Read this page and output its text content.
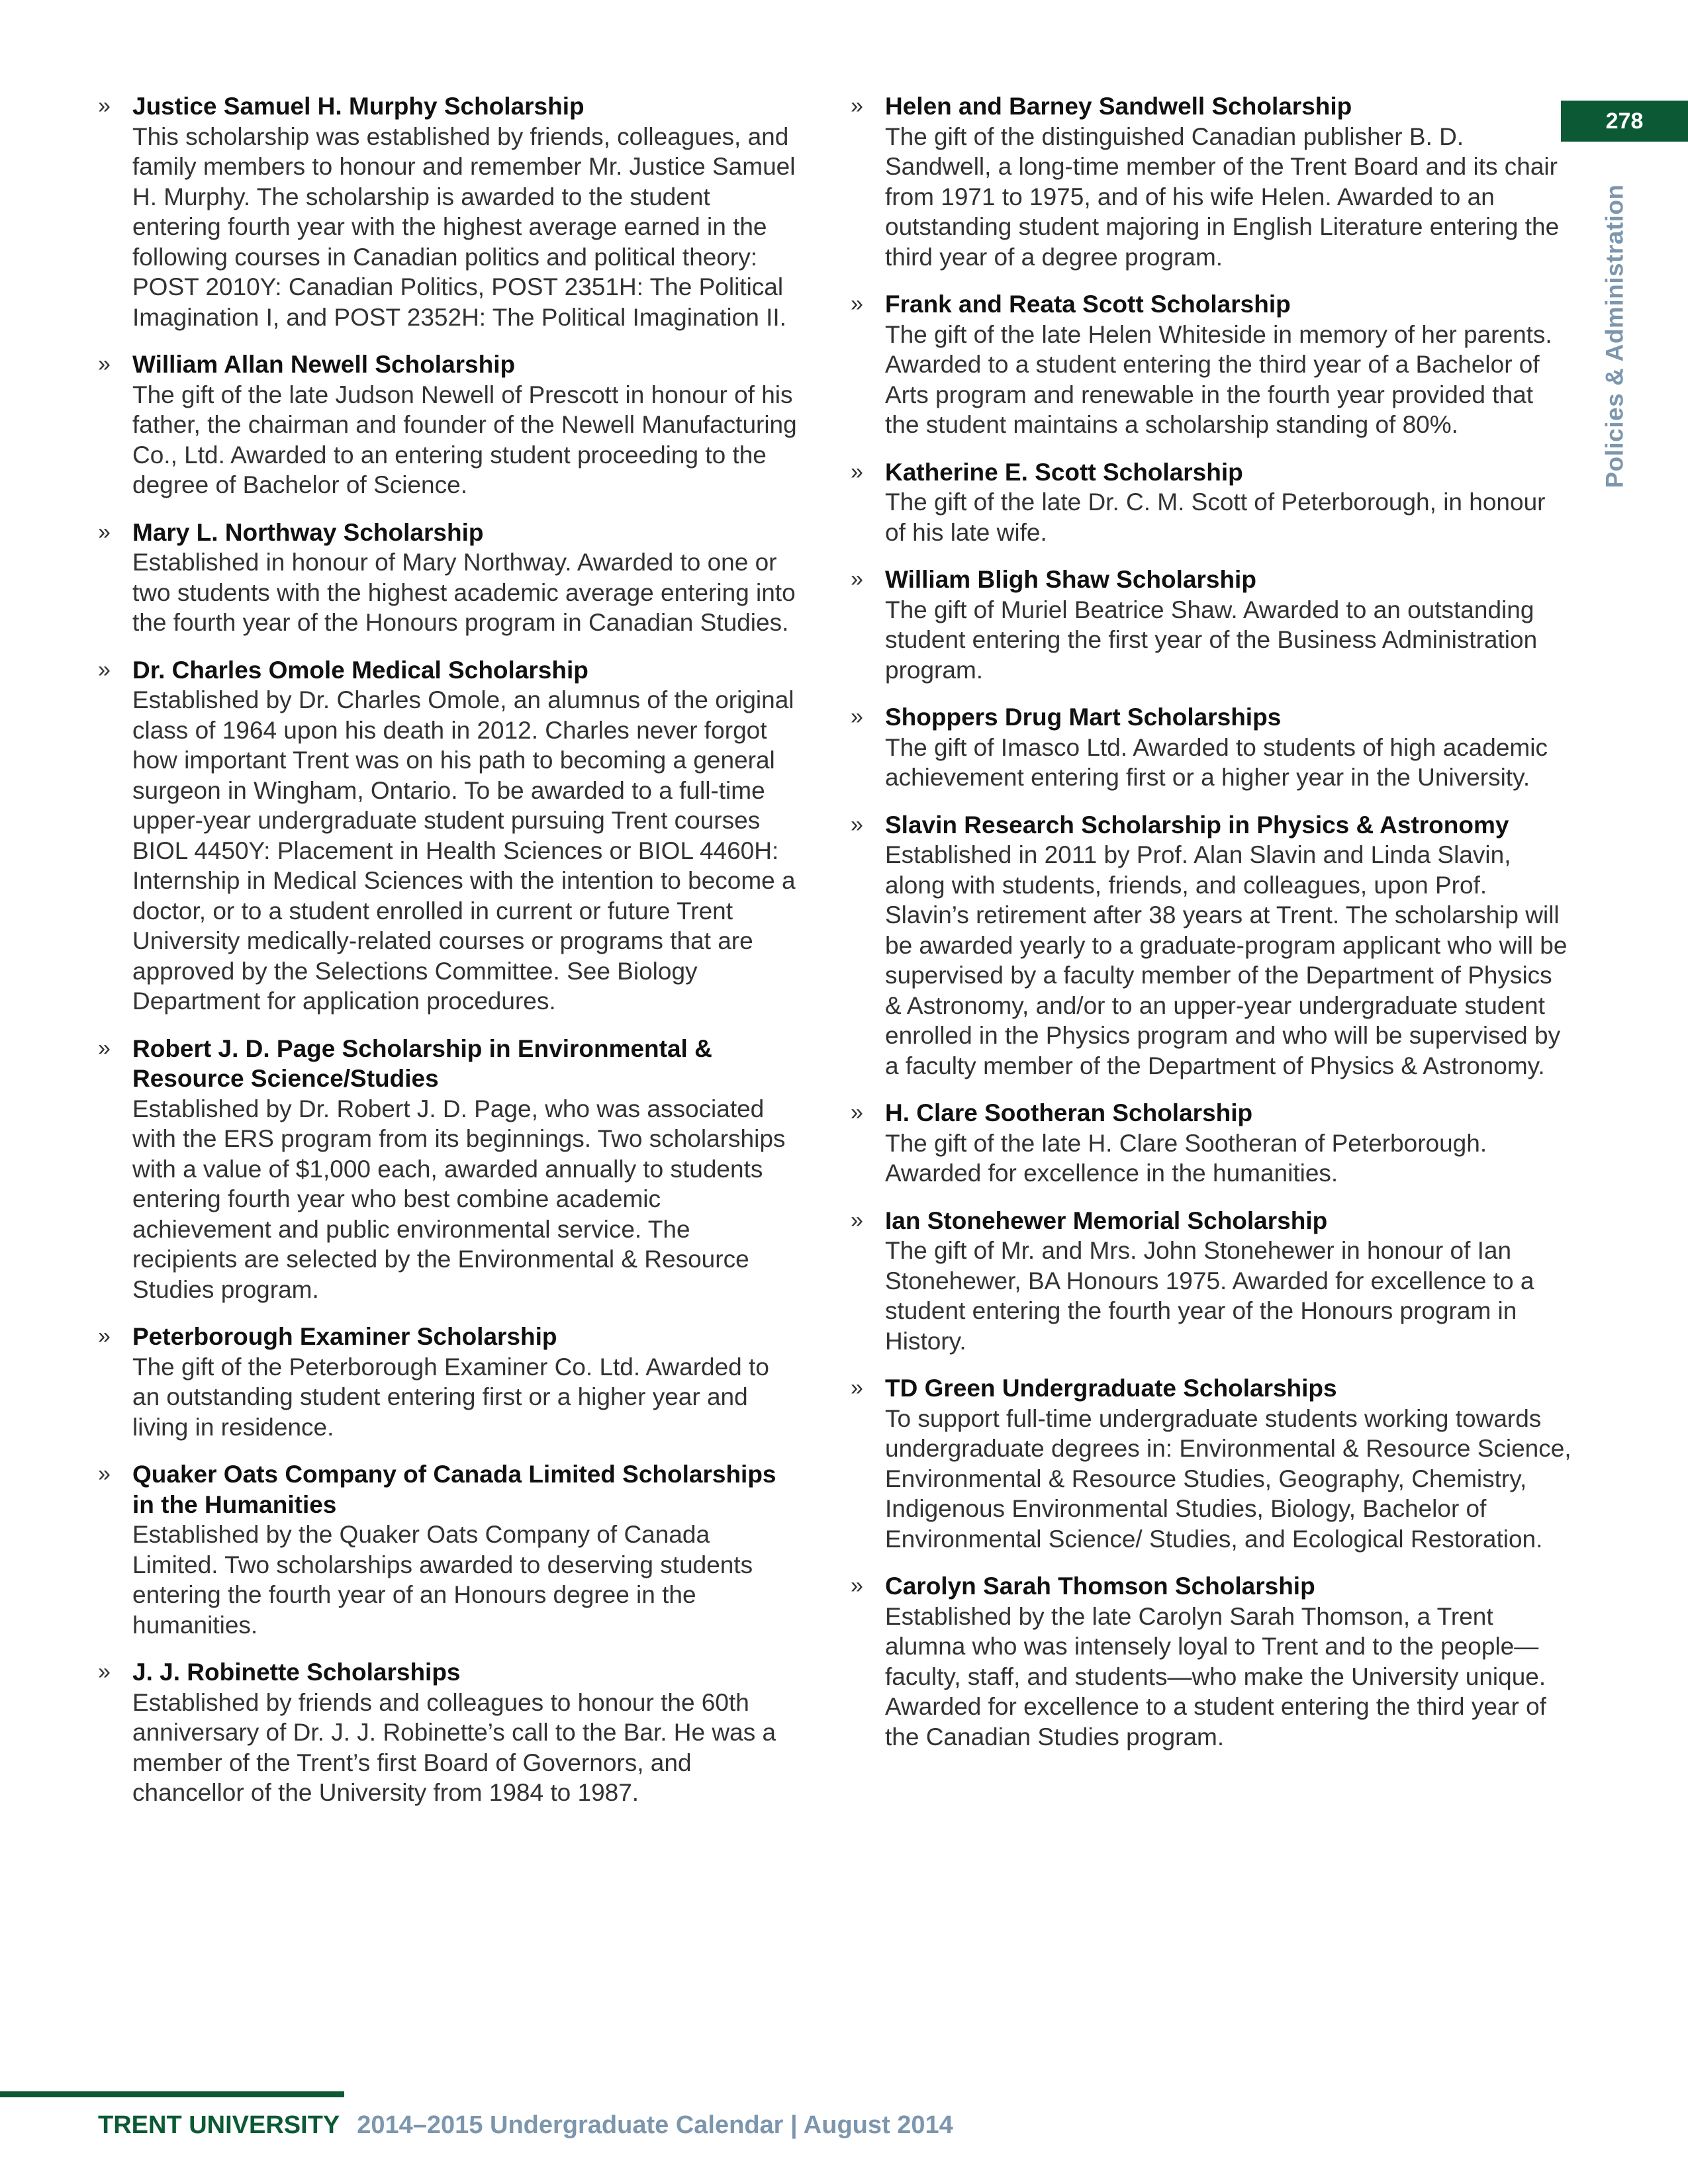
278
Policies & Administration
» Justice Samuel H. Murphy Scholarship
This scholarship was established by friends, colleagues, and family members to honour and remember Mr. Justice Samuel H. Murphy. The scholarship is awarded to the student entering fourth year with the highest average earned in the following courses in Canadian politics and political theory: POST 2010Y: Canadian Politics, POST 2351H: The Political Imagination I, and POST 2352H: The Political Imagination II.
» William Allan Newell Scholarship
The gift of the late Judson Newell of Prescott in honour of his father, the chairman and founder of the Newell Manufacturing Co., Ltd. Awarded to an entering student proceeding to the degree of Bachelor of Science.
» Mary L. Northway Scholarship
Established in honour of Mary Northway. Awarded to one or two students with the highest academic average entering into the fourth year of the Honours program in Canadian Studies.
» Dr. Charles Omole Medical Scholarship
Established by Dr. Charles Omole, an alumnus of the original class of 1964 upon his death in 2012. Charles never forgot how important Trent was on his path to becoming a general surgeon in Wingham, Ontario. To be awarded to a full-time upper-year undergraduate student pursuing Trent courses BIOL 4450Y: Placement in Health Sciences or BIOL 4460H: Internship in Medical Sciences with the intention to become a doctor, or to a student enrolled in current or future Trent University medically-related courses or programs that are approved by the Selections Committee. See Biology Department for application procedures.
» Robert J. D. Page Scholarship in Environmental & Resource Science/Studies
Established by Dr. Robert J. D. Page, who was associated with the ERS program from its beginnings. Two scholarships with a value of $1,000 each, awarded annually to students entering fourth year who best combine academic achievement and public environmental service. The recipients are selected by the Environmental & Resource Studies program.
» Peterborough Examiner Scholarship
The gift of the Peterborough Examiner Co. Ltd. Awarded to an outstanding student entering first or a higher year and living in residence.
» Quaker Oats Company of Canada Limited Scholarships in the Humanities
Established by the Quaker Oats Company of Canada Limited. Two scholarships awarded to deserving students entering the fourth year of an Honours degree in the humanities.
» J. J. Robinette Scholarships
Established by friends and colleagues to honour the 60th anniversary of Dr. J. J. Robinette’s call to the Bar. He was a member of the Trent’s first Board of Governors, and chancellor of the University from 1984 to 1987.
» Helen and Barney Sandwell Scholarship
The gift of the distinguished Canadian publisher B. D. Sandwell, a long-time member of the Trent Board and its chair from 1971 to 1975, and of his wife Helen. Awarded to an outstanding student majoring in English Literature entering the third year of a degree program.
» Frank and Reata Scott Scholarship
The gift of the late Helen Whiteside in memory of her parents. Awarded to a student entering the third year of a Bachelor of Arts program and renewable in the fourth year provided that the student maintains a scholarship standing of 80%.
» Katherine E. Scott Scholarship
The gift of the late Dr. C. M. Scott of Peterborough, in honour of his late wife.
» William Bligh Shaw Scholarship
The gift of Muriel Beatrice Shaw. Awarded to an outstanding student entering the first year of the Business Administration program.
» Shoppers Drug Mart Scholarships
The gift of Imasco Ltd. Awarded to students of high academic achievement entering first or a higher year in the University.
» Slavin Research Scholarship in Physics & Astronomy
Established in 2011 by Prof. Alan Slavin and Linda Slavin, along with students, friends, and colleagues, upon Prof. Slavin’s retirement after 38 years at Trent. The scholarship will be awarded yearly to a graduate-program applicant who will be supervised by a faculty member of the Department of Physics & Astronomy, and/or to an upper-year undergraduate student enrolled in the Physics program and who will be supervised by a faculty member of the Department of Physics & Astronomy.
» H. Clare Sootheran Scholarship
The gift of the late H. Clare Sootheran of Peterborough. Awarded for excellence in the humanities.
» Ian Stonehewer Memorial Scholarship
The gift of Mr. and Mrs. John Stonehewer in honour of Ian Stonehewer, BA Honours 1975. Awarded for excellence to a student entering the fourth year of the Honours program in History.
» TD Green Undergraduate Scholarships
To support full-time undergraduate students working towards undergraduate degrees in: Environmental & Resource Science, Environmental & Resource Studies, Geography, Chemistry, Indigenous Environmental Studies, Biology, Bachelor of Environmental Science/ Studies, and Ecological Restoration.
» Carolyn Sarah Thomson Scholarship
Established by the late Carolyn Sarah Thomson, a Trent alumna who was intensely loyal to Trent and to the people—faculty, staff, and students—who make the University unique. Awarded for excellence to a student entering the third year of the Canadian Studies program.
TRENT UNIVERSITY 2014–2015 Undergraduate Calendar | August 2014
